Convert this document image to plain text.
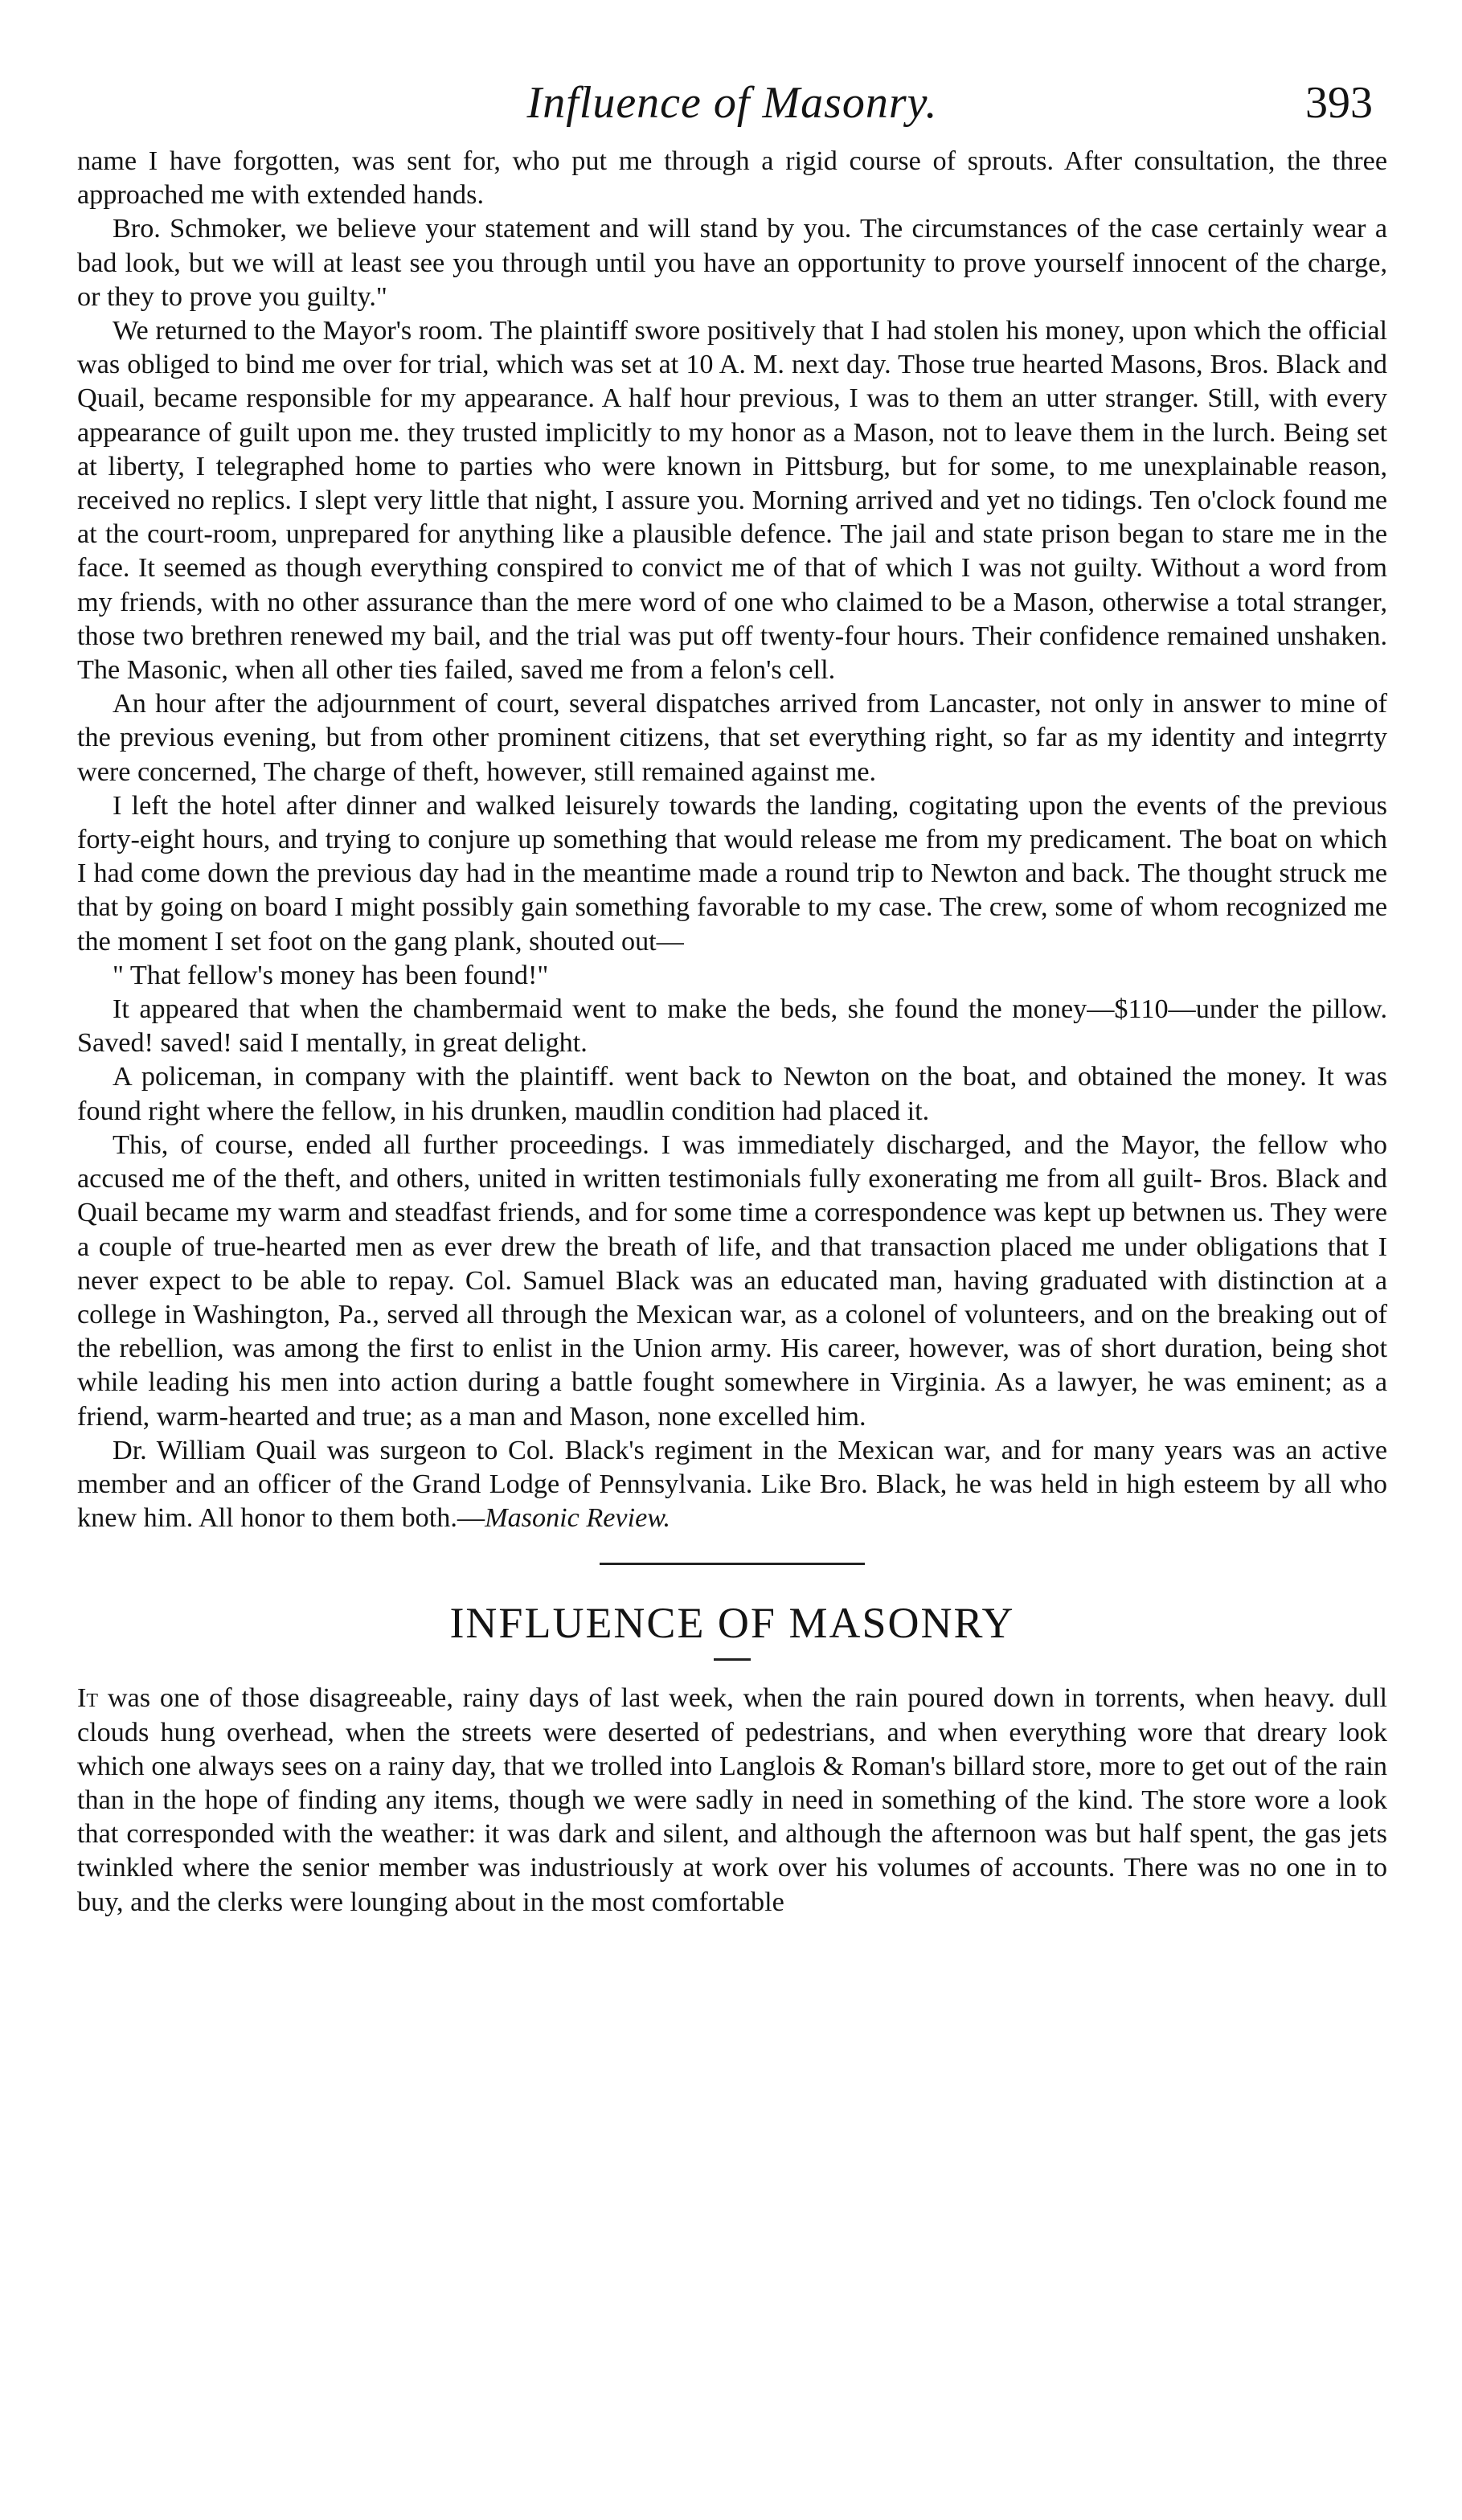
Influence of Masonry.	393

name I have forgotten, was sent for, who put me through a rigid course of sprouts. After consultation, the three approached me with extended hands.

Bro. Schmoker, we believe your statement and will stand by you. The circumstances of the case certainly wear a bad look, but we will at least see you through until you have an opportunity to prove yourself innocent of the charge, or they to prove you guilty."

We returned to the Mayor's room. The plaintiff swore positively that I had stolen his money, upon which the official was obliged to bind me over for trial, which was set at 10 A. M. next day. Those true hearted Masons, Bros. Black and Quail, became responsible for my appearance. A half hour previous, I was to them an utter stranger. Still, with every appearance of guilt upon me. they trusted implicitly to my honor as a Mason, not to leave them in the lurch. Being set at liberty, I telegraphed home to parties who were known in Pittsburg, but for some, to me unexplainable reason, received no replics. I slept very little that night, I assure you. Morning arrived and yet no tidings. Ten o'clock found me at the court-room, unprepared for anything like a plausible defence. The jail and state prison began to stare me in the face. It seemed as though everything conspired to convict me of that of which I was not guilty. Without a word from my friends, with no other assurance than the mere word of one who claimed to be a Mason, otherwise a total stranger, those two brethren renewed my bail, and the trial was put off twenty-four hours. Their confidence remained unshaken. The Masonic, when all other ties failed, saved me from a felon's cell.

An hour after the adjournment of court, several dispatches arrived from Lancaster, not only in answer to mine of the previous evening, but from other prominent citizens, that set everything right, so far as my identity and integrrty were concerned, The charge of theft, however, still remained against me.

I left the hotel after dinner and walked leisurely towards the landing, cogitating upon the events of the previous forty-eight hours, and trying to conjure up something that would release me from my predicament. The boat on which I had come down the previous day had in the meantime made a round trip to Newton and back. The thought struck me that by going on board I might possibly gain something favorable to my case. The crew, some of whom recognized me the moment I set foot on the gang plank, shouted out—

" That fellow's money has been found!"

It appeared that when the chambermaid went to make the beds, she found the money—$110—under the pillow. Saved! saved! said I mentally, in great delight.

A policeman, in company with the plaintiff. went back to Newton on the boat, and obtained the money. It was found right where the fellow, in his drunken, maudlin condition had placed it.

This, of course, ended all further proceedings. I was immediately discharged, and the Mayor, the fellow who accused me of the theft, and others, united in written testimonials fully exonerating me from all guilt- Bros. Black and Quail became my warm and steadfast friends, and for some time a correspondence was kept up betwnen us. They were a couple of true-hearted men as ever drew the breath of life, and that transaction placed me under obligations that I never expect to be able to repay. Col. Samuel Black was an educated man, having graduated with distinction at a college in Washington, Pa., served all through the Mexican war, as a colonel of volunteers, and on the breaking out of the rebellion, was among the first to enlist in the Union army. His career, however, was of short duration, being shot while leading his men into action during a battle fought somewhere in Virginia. As a lawyer, he was eminent; as a friend, warm-hearted and true; as a man and Mason, none excelled him.

Dr. William Quail was surgeon to Col. Black's regiment in the Mexican war, and for many years was an active member and an officer of the Grand Lodge of Pennsylvania. Like Bro. Black, he was held in high esteem by all who knew him. All honor to them both.—Masonic Review.

INFLUENCE OF MASONRY

It was one of those disagreeable, rainy days of last week, when the rain poured down in torrents, when heavy. dull clouds hung overhead, when the streets were deserted of pedestrians, and when everything wore that dreary look which one always sees on a rainy day, that we trolled into Langlois & Roman's billard store, more to get out of the rain than in the hope of finding any items, though we were sadly in need in something of the kind. The store wore a look that corresponded with the weather: it was dark and silent, and although the afternoon was but half spent, the gas jets twinkled where the senior member was industriously at work over his volumes of accounts. There was no one in to buy, and the clerks were lounging about in the most comfortable
